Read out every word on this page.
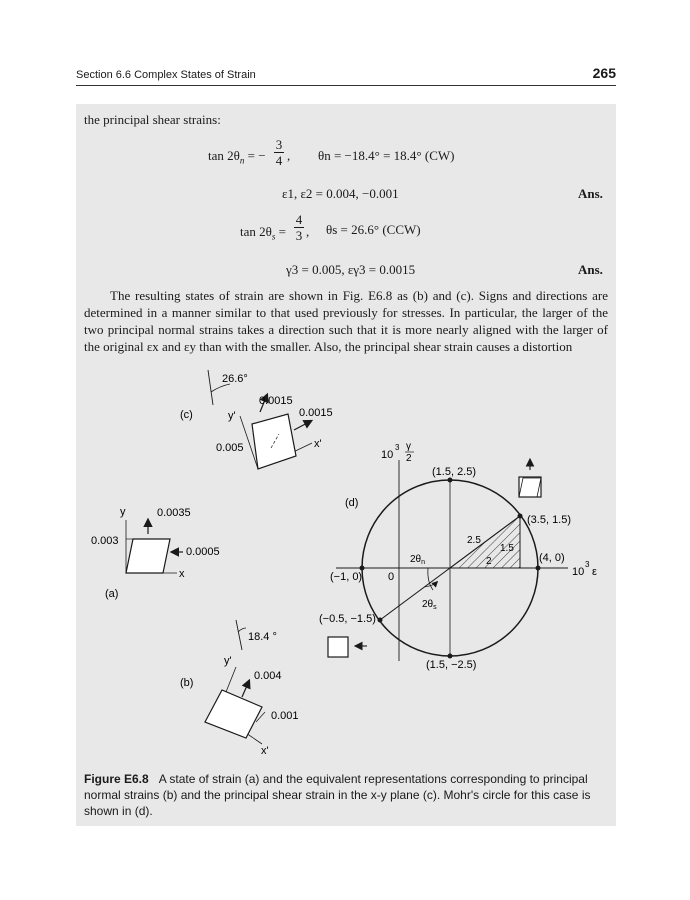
Section 6.6 Complex States of Strain	265
the principal shear strains:
$\tan 2\theta_n$ = −
3
4 , θn = −18.4° = 18.4° (CW)
ε1, ε2 = 0.004, −0.001	Ans.
$\tan 2\theta_s$ =
4
3 , θs = 26.6° (CCW)
γ3 = 0.005, εγ3 = 0.0015	Ans.

The resulting states of strain are shown in Fig. E6.8 as (b) and (c). Signs and directions are determined in a manner similar to that used previously for stresses. In particular, the larger of the two principal normal strains takes a direction such that it is more nearly aligned with the larger of the original εx and εy than with the smaller. Also, the principal shear strain causes a distortion

(c)
26.6°
y'
x'
0.0015
0.0015
0.005
(a)
y
x
0.0035
0.003
0.0005
(b)
18.4 °
y'
x'
0.004
0.001
(d)
10
3 γ
2
10
3
ε
(1.5, 2.5)
(3.5, 1.5)
(4, 0)
(−1, 0) 0
(−0.5, −1.5)
(1.5, −2.5)
2.5
1.5
2
$2\theta_n$
$2\theta_s$
Figure E6.8 A state of strain (a) and the equivalent representations corresponding to principal normal strains (b) and the principal shear strain in the x-y plane (c). Mohr's circle for this case is shown in (d).
